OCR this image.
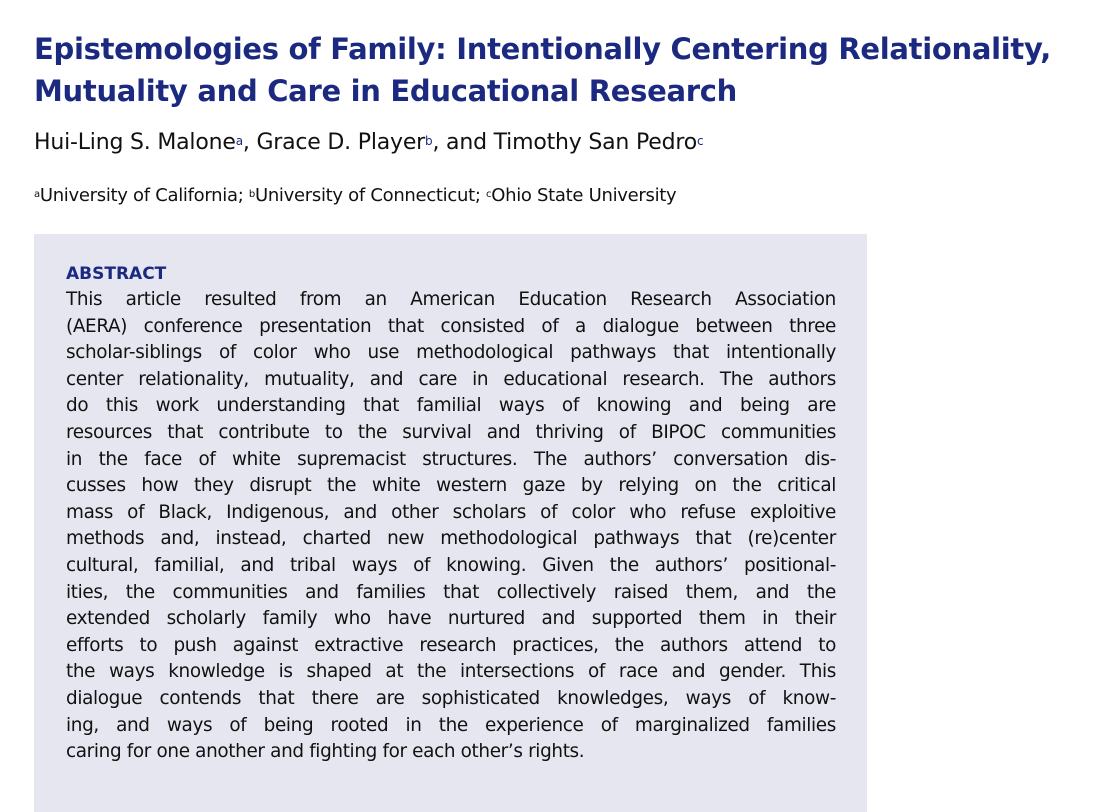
Epistemologies of Family: Intentionally Centering Relationality,
Mutuality and Care in Educational Research
Hui-Ling S. Malone$^a$, Grace D. Player$^b$, and Timothy San Pedro$^c$
$^a$University of California; $^b$University of Connecticut; $^c$Ohio State University
ABSTRACT
This article resulted from an American Education Research Association
(AERA) conference presentation that consisted of a dialogue between three
scholar-siblings of color who use methodological pathways that intentionally
center relationality, mutuality, and care in educational research. The authors
do this work understanding that familial ways of knowing and being are
resources that contribute to the survival and thriving of BIPOC communities
in the face of white supremacist structures. The authors’ conversation dis-
cusses how they disrupt the white western gaze by relying on the critical
mass of Black, Indigenous, and other scholars of color who refuse exploitive
methods and, instead, charted new methodological pathways that (re)center
cultural, familial, and tribal ways of knowing. Given the authors’ positional-
ities, the communities and families that collectively raised them, and the
extended scholarly family who have nurtured and supported them in their
efforts to push against extractive research practices, the authors attend to
the ways knowledge is shaped at the intersections of race and gender. This
dialogue contends that there are sophisticated knowledges, ways of know-
ing, and ways of being rooted in the experience of marginalized families
caring for one another and fighting for each other’s rights.
